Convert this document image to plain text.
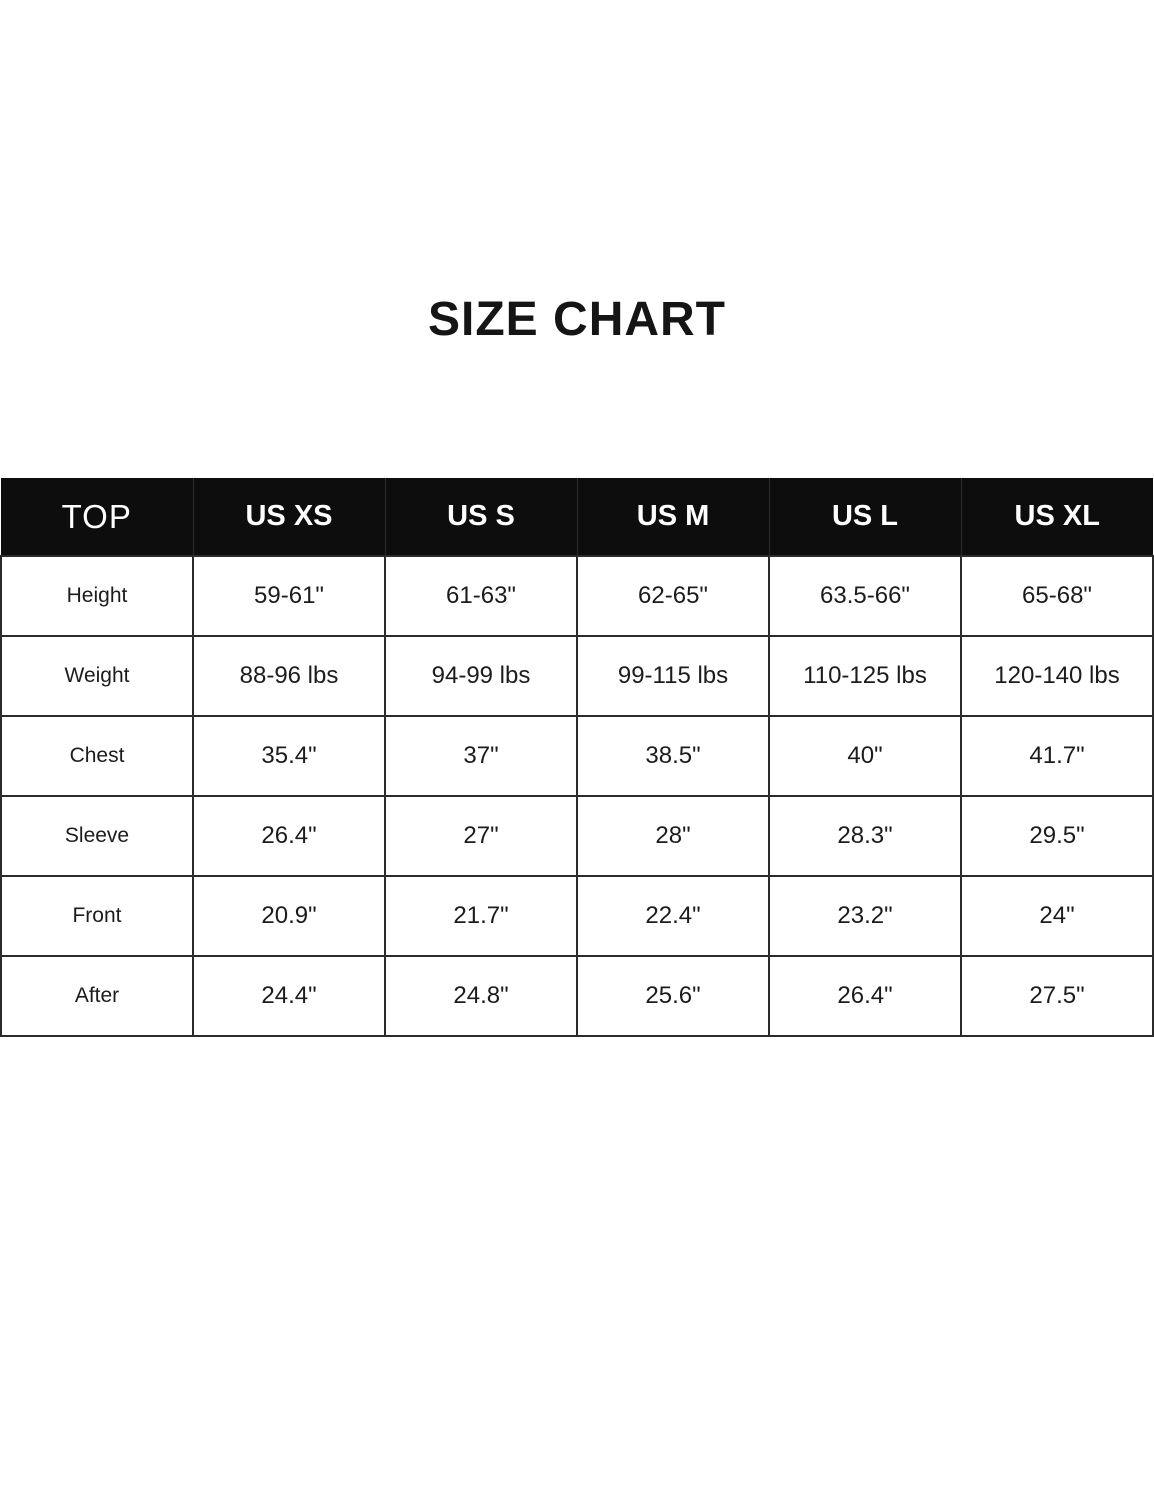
SIZE CHART
TOP	US XS	US S	US M	US L	US XL
Height	59-61"	61-63"	62-65"	63.5-66"	65-68"
Weight	88-96 lbs	94-99 lbs	99-115 lbs	110-125 lbs	120-140 lbs
Chest	35.4"	37"	38.5"	40"	41.7"
Sleeve	26.4"	27"	28"	28.3"	29.5"
Front	20.9"	21.7"	22.4"	23.2"	24"
After	24.4"	24.8"	25.6"	26.4"	27.5"
